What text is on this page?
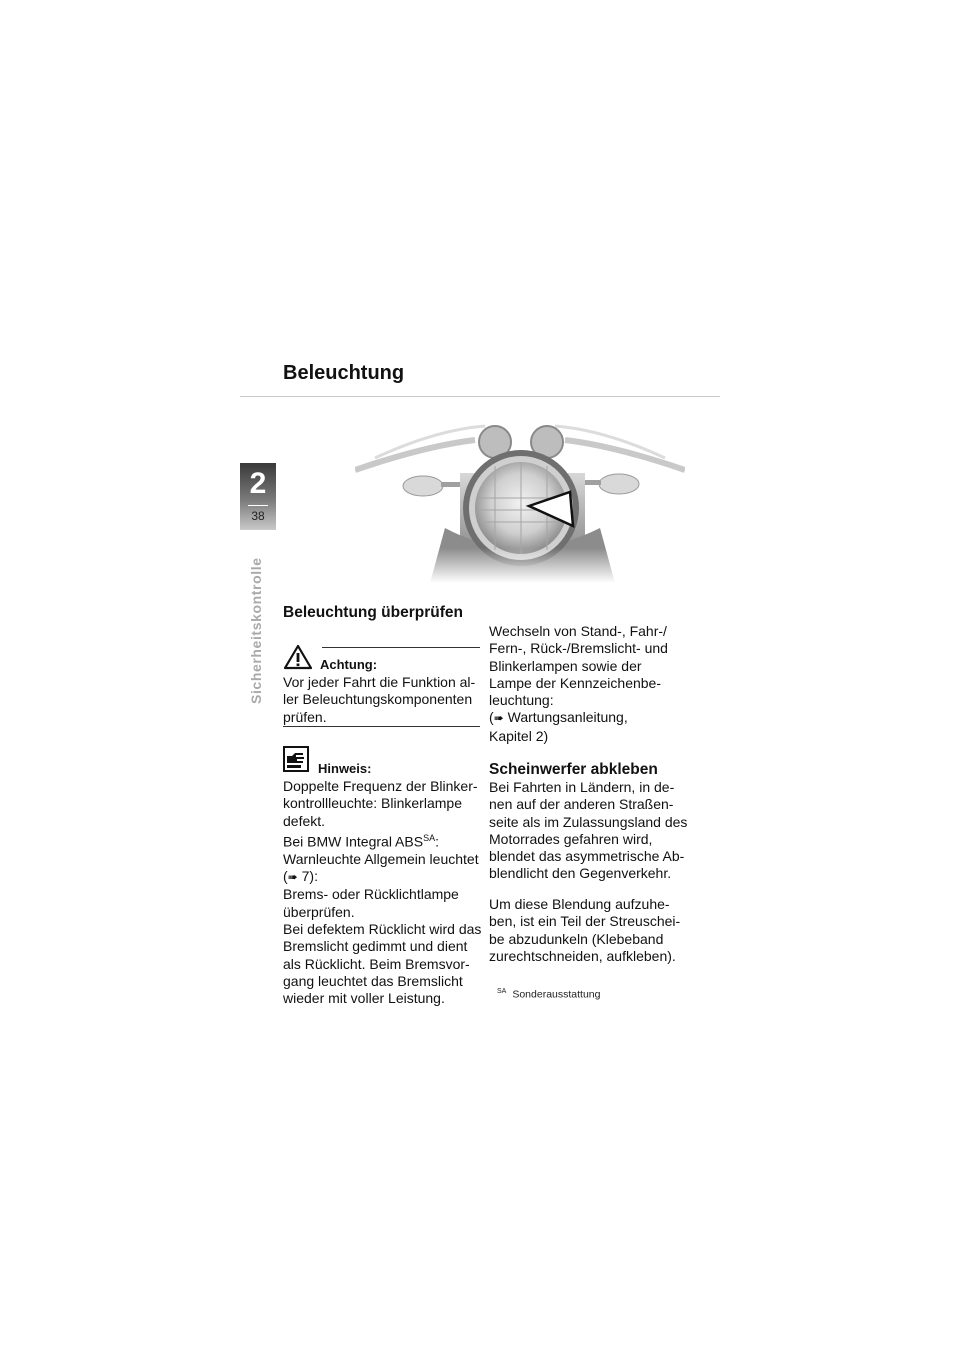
Beleuchtung
2
38
Sicherheitskontrolle Beleuchtung überprüfen
Achtung:
Vor jeder Fahrt die Funktion al-
ler Beleuchtungskomponenten
prüfen.
Hinweis:
Doppelte Frequenz der Blinker-
kontrollleuchte: Blinkerlampe
defekt.
Bei BMW Integral $ABS^{SA}$:
Warnleuchte Allgemein leuchtet
(➠ 7):
Brems- oder Rücklichtlampe
überprüfen.
Bei defektem Rücklicht wird das
Bremslicht gedimmt und dient
als Rücklicht. Beim Bremsvor-
gang leuchtet das Bremslicht
wieder mit voller Leistung.
Wechseln von Stand-, Fahr-/
Fern-, Rück-/Bremslicht- und
Blinkerlampen sowie der
Lampe der Kennzeichenbe-
leuchtung:
(➠ Wartungsanleitung,
Kapitel 2)
Scheinwerfer abkleben
Bei Fahrten in Ländern, in de-
nen auf der anderen Straßen-
seite als im Zulassungsland des
Motorrades gefahren wird,
blendet das asymmetrische Ab-
blendlicht den Gegenverkehr.
Um diese Blendung aufzuhe-
ben, ist ein Teil der Streuschei-
be abzudunkeln (Klebeband
zurechtschneiden, aufkleben).
$^{SA}$ Sonderausstattung
